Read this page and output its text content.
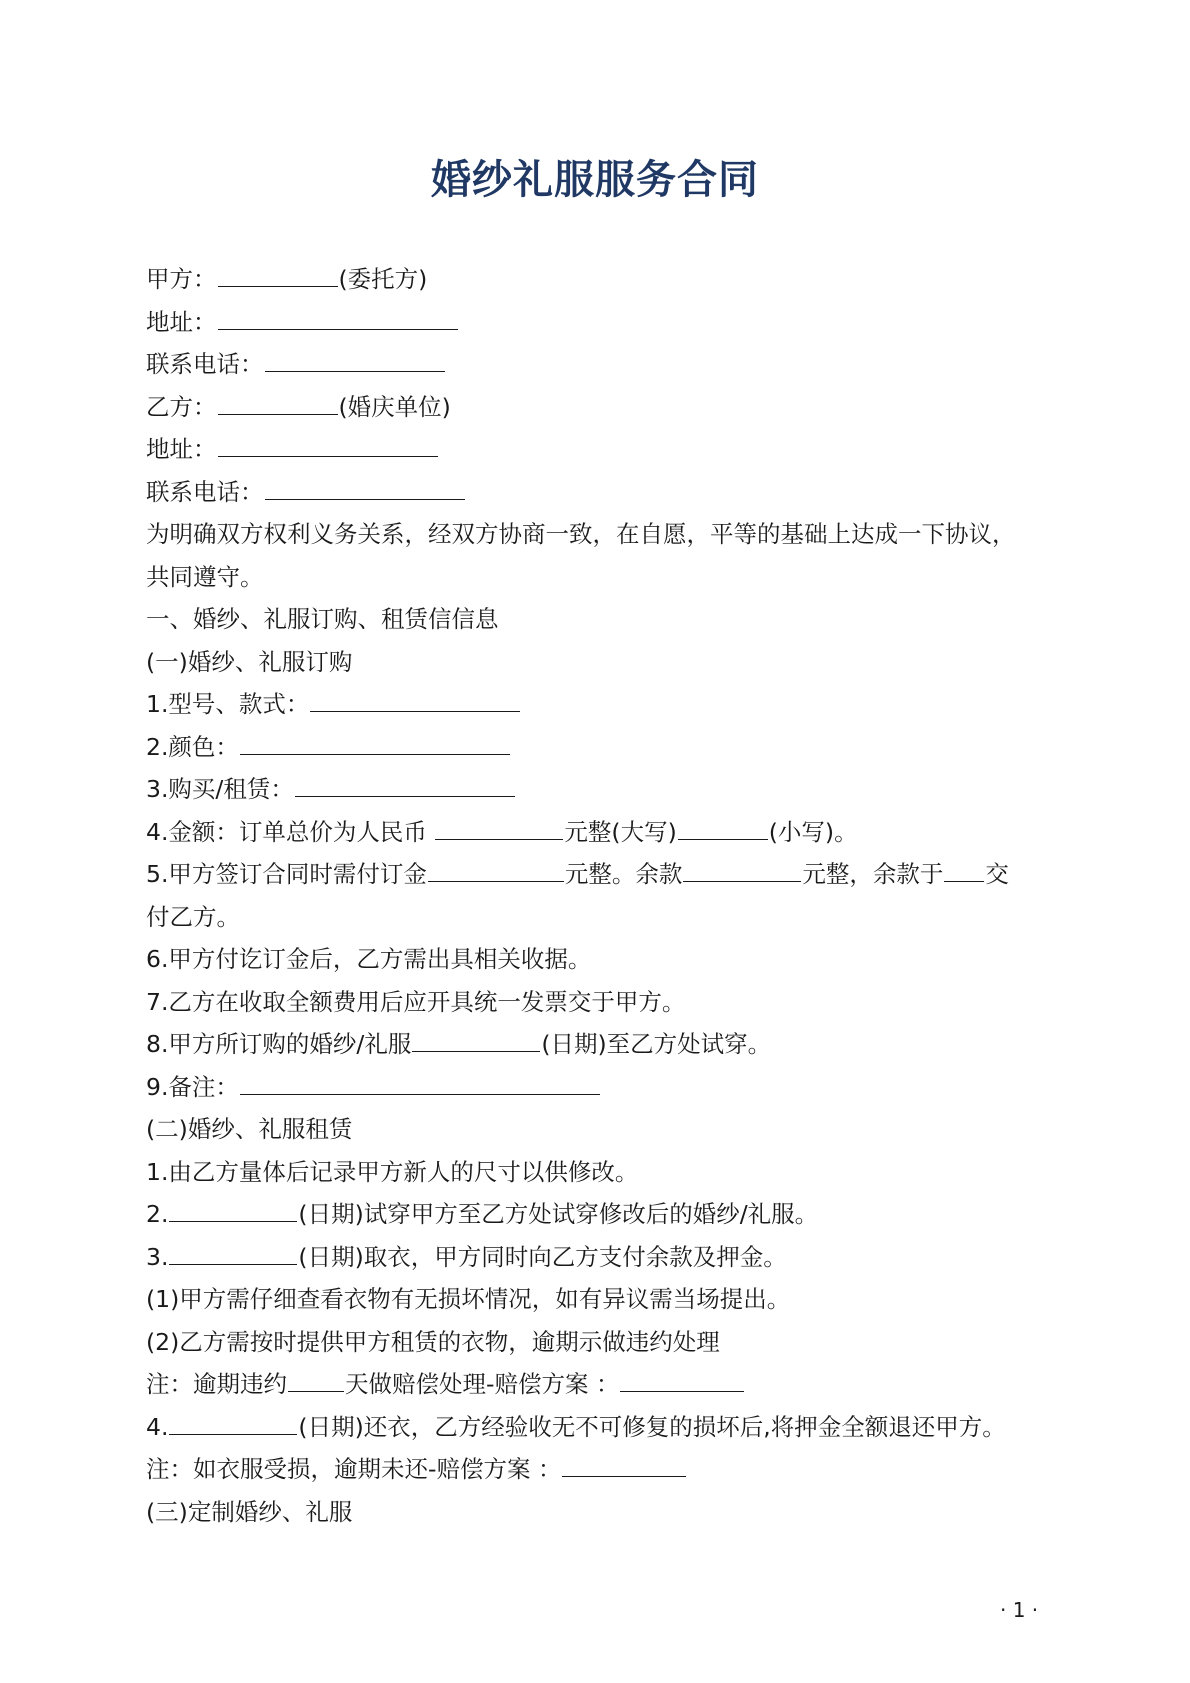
婚纱礼服服务合同
甲方：	(委托方)
地址：
联系电话：
乙方：	(婚庆单位)
地址：
联系电话：
为明确双方权利义务关系，经双方协商一致，在自愿，平等的基础上达成一下协议，
共同遵守。
一、婚纱、礼服订购、租赁信信息
(一)婚纱、礼服订购
1.型号、款式：
2.颜色：
3.购买/租赁：
4.金额：订单总价为人民币	元整(大写)	(小写)。
5.甲方签订合同时需付订金	元整。余款	元整，余款于 交
付乙方。
6.甲方付讫订金后，乙方需出具相关收据。
7.乙方在收取全额费用后应开具统一发票交于甲方。
8.甲方所订购的婚纱/礼服	(日期)至乙方处试穿。
9.备注：
(二)婚纱、礼服租赁
1.由乙方量体后记录甲方新人的尺寸以供修改。
2.	(日期)试穿甲方至乙方处试穿修改后的婚纱/礼服。
3.	(日期)取衣，甲方同时向乙方支付余款及押金。
(1)甲方需仔细查看衣物有无损坏情况，如有异议需当场提出。
(2)乙方需按时提供甲方租赁的衣物，逾期示做违约处理
注：逾期违约 天做赔偿处理-赔偿方案 ：
4.	(日期)还衣，乙方经验收无不可修复的损坏后,将押金全额退还甲方。
注：如衣服受损，逾期未还-赔偿方案 ：
(三)定制婚纱、礼服
· 1 ·
